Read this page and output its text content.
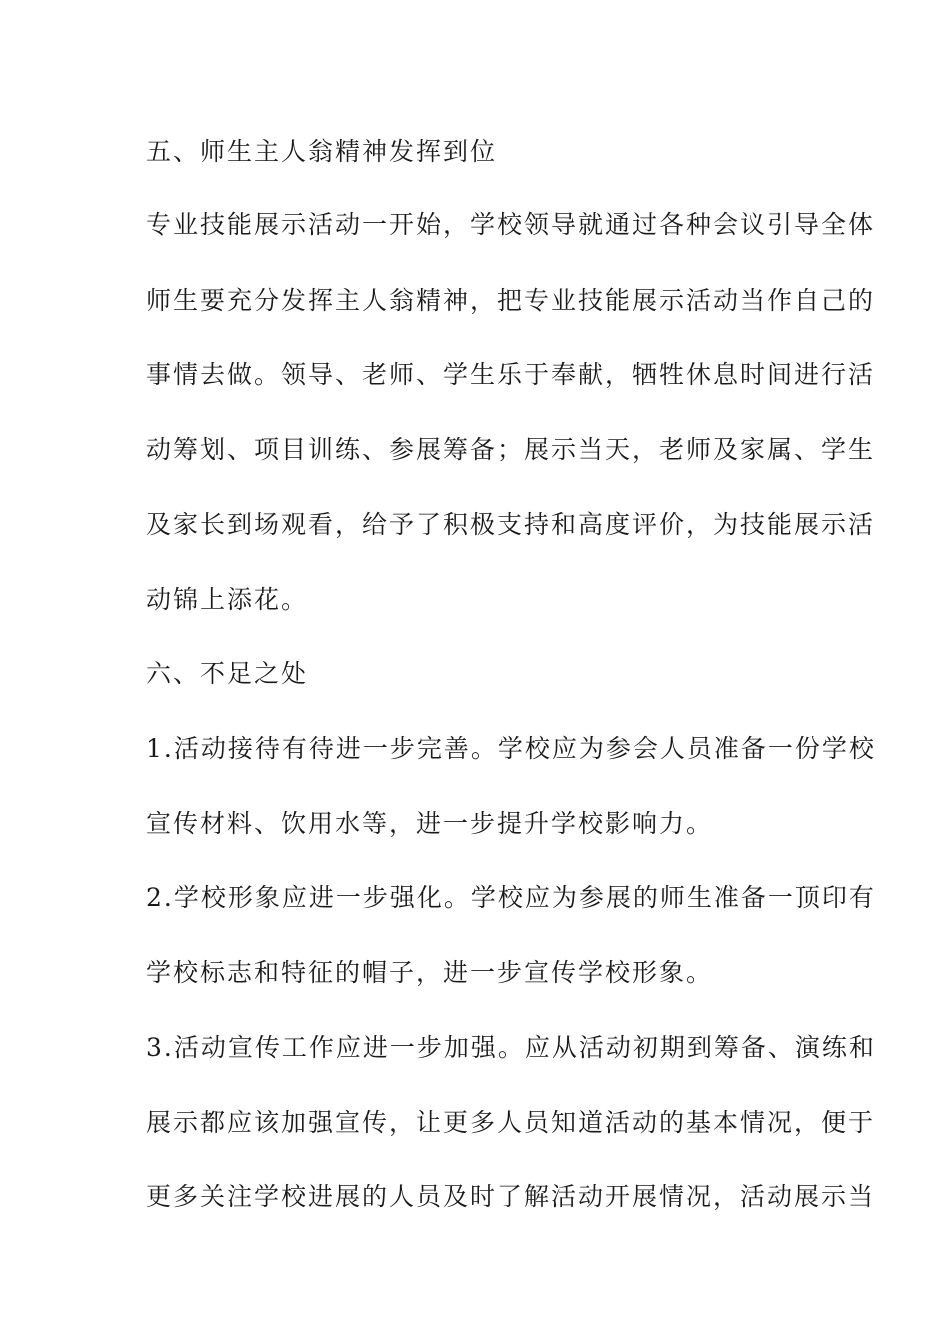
五、师生主人翁精神发挥到位
专业技能展示活动一开始，学校领导就通过各种会议引导全体
师生要充分发挥主人翁精神，把专业技能展示活动当作自己的
事情去做。领导、老师、学生乐于奉献，牺牲休息时间进行活
动筹划、项目训练、参展筹备；展示当天，老师及家属、学生
及家长到场观看，给予了积极支持和高度评价，为技能展示活
动锦上添花。
六、不足之处
1.活动接待有待进一步完善。学校应为参会人员准备一份学校
宣传材料、饮用水等，进一步提升学校影响力。
2.学校形象应进一步强化。学校应为参展的师生准备一顶印有
学校标志和特征的帽子，进一步宣传学校形象。
3.活动宣传工作应进一步加强。应从活动初期到筹备、演练和
展示都应该加强宣传，让更多人员知道活动的基本情况，便于
更多关注学校进展的人员及时了解活动开展情况，活动展示当
